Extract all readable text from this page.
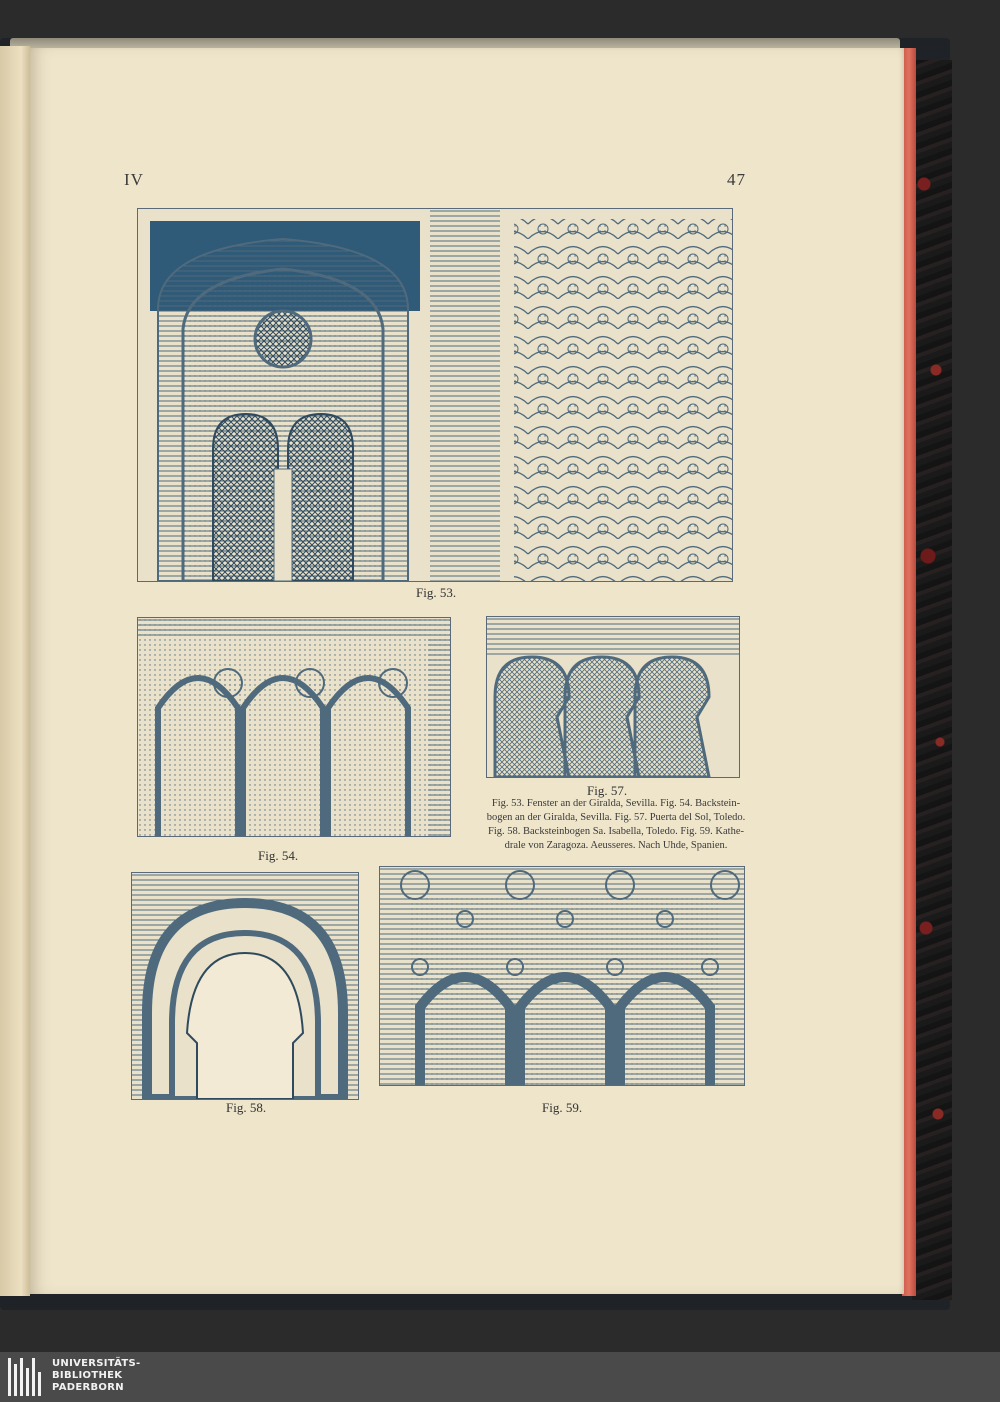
IV	47
Fig. 53.
Fig. 54.
Fig. 57.
Fig. 53. Fenster an der Giralda, Sevilla. Fig. 54. Backstein-
bogen an der Giralda, Sevilla. Fig. 57. Puerta del Sol, Toledo.
Fig. 58. Backsteinbogen Sa. Isabella, Toledo. Fig. 59. Kathe-
drale von Zaragoza. Aeusseres. Nach Uhde, Spanien.
Fig. 58.	Fig. 59.
UNIVERSITÄTS-
BIBLIOTHEK
PADERBORN
